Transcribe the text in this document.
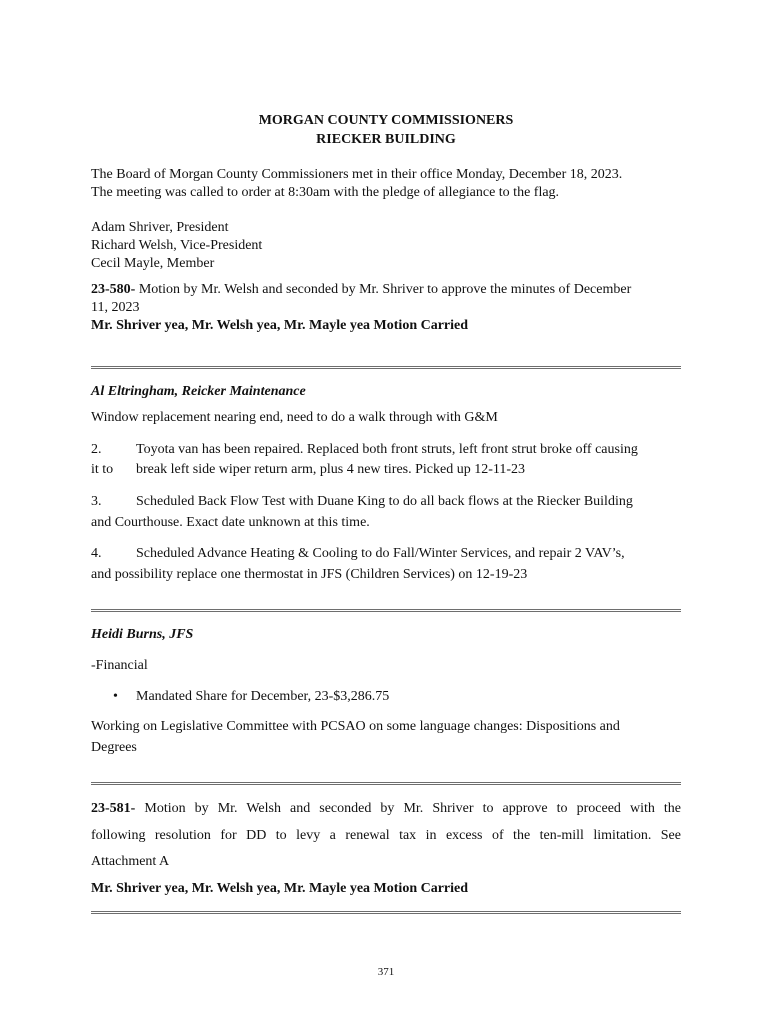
MORGAN COUNTY COMMISSIONERS
RIECKER BUILDING
The Board of Morgan County Commissioners met in their office Monday, December 18, 2023.
The meeting was called to order at 8:30am with the pledge of allegiance to the flag.
Adam Shriver, President
Richard Welsh, Vice-President
Cecil Mayle, Member
23-580- Motion by Mr. Welsh and seconded by Mr. Shriver to approve the minutes of December
11, 2023
Mr. Shriver yea, Mr. Welsh yea, Mr. Mayle yea Motion Carried
Al Eltringham, Reicker Maintenance
Window replacement nearing end, need to do a walk through with G&M
2.	Toyota van has been repaired. Replaced both front struts, left front strut broke off causing
it to	break left side wiper return arm, plus 4 new tires. Picked up 12-11-23
3.	Scheduled Back Flow Test with Duane King to do all back flows at the Riecker Building
and Courthouse. Exact date unknown at this time.
4.	Scheduled Advance Heating & Cooling to do Fall/Winter Services, and repair 2 VAV’s,
and possibility replace one thermostat in JFS (Children Services) on 12-19-23
Heidi Burns, JFS
-Financial
•	Mandated Share for December, 23-$3,286.75
Working on Legislative Committee with PCSAO on some language changes: Dispositions and
Degrees
23-581- Motion by Mr. Welsh and seconded by Mr. Shriver to approve to proceed with the
following resolution for DD to levy a renewal tax in excess of the ten-mill limitation. See
Attachment A
Mr. Shriver yea, Mr. Welsh yea, Mr. Mayle yea Motion Carried
371
